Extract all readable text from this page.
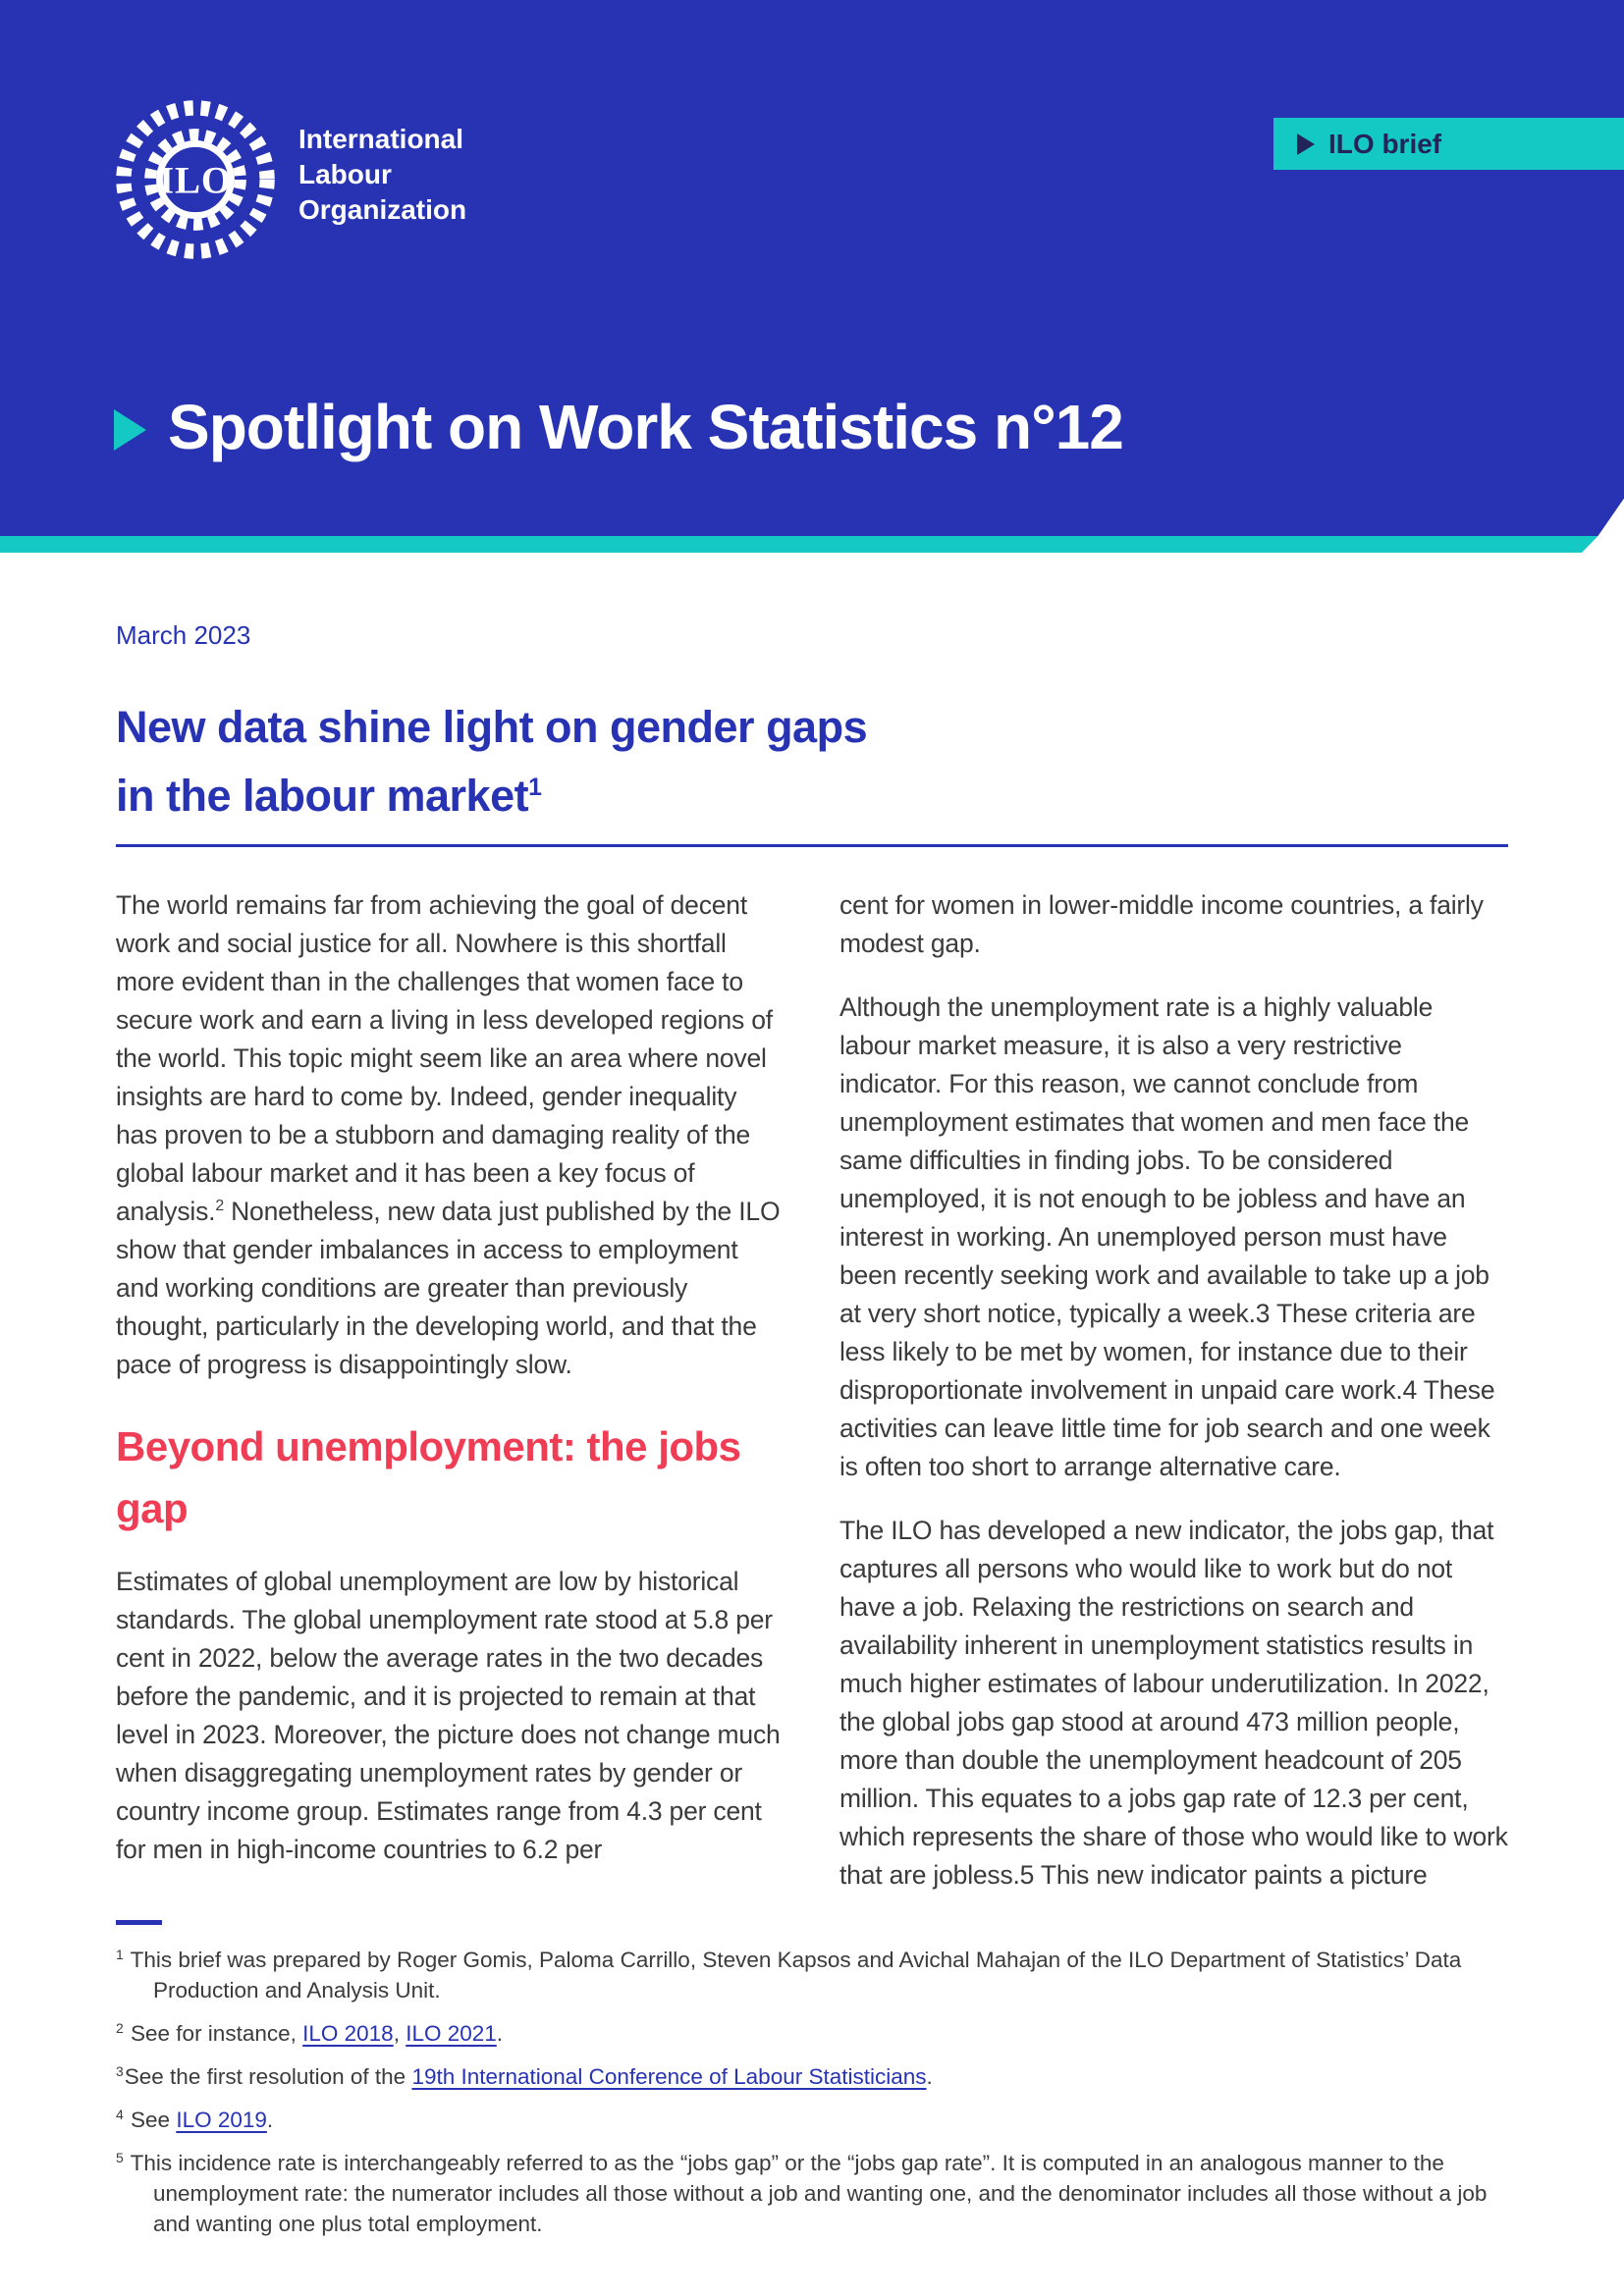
ILO
International
Labour
Organization
ILO brief
Spotlight on Work Statistics n°12
March 2023
New data shine light on gender gaps
in the labour market$^1$

The world remains far from achieving the goal of decent work and social justice for all. Nowhere is this shortfall more evident than in the challenges that women face to secure work and earn a living in less developed regions of the world. This topic might seem like an area where novel insights are hard to come by. Indeed, gender inequality has proven to be a stubborn and damaging reality of the global labour market and it has been a key focus of analysis.$^2$ Nonetheless, new data just published by the ILO show that gender imbalances in access to employment and working conditions are greater than previously thought, particularly in the developing world, and that the pace of progress is disappointingly slow.

Beyond unemployment: the jobs gap

Estimates of global unemployment are low by historical standards. The global unemployment rate stood at 5.8 per cent in 2022, below the average rates in the two decades before the pandemic, and it is projected to remain at that level in 2023. Moreover, the picture does not change much when disaggregating unemployment rates by gender or country income group. Estimates range from 4.3 per cent for men in high-income countries to 6.2 per

cent for women in lower-middle income countries, a fairly modest gap.

Although the unemployment rate is a highly valuable labour market measure, it is also a very restrictive indicator. For this reason, we cannot conclude from unemployment estimates that women and men face the same difficulties in finding jobs. To be considered unemployed, it is not enough to be jobless and have an interest in working. An unemployed person must have been recently seeking work and available to take up a job at very short notice, typically a week.3 These criteria are less likely to be met by women, for instance due to their disproportionate involvement in unpaid care work.4 These activities can leave little time for job search and one week is often too short to arrange alternative care.

The ILO has developed a new indicator, the jobs gap, that captures all persons who would like to work but do not have a job. Relaxing the restrictions on search and availability inherent in unemployment statistics results in much higher estimates of labour underutilization. In 2022, the global jobs gap stood at around 473 million people, more than double the unemployment headcount of 205 million. This equates to a jobs gap rate of 12.3 per cent, which represents the share of those who would like to work that are jobless.5 This new indicator paints a picture

$^1$ This brief was prepared by Roger Gomis, Paloma Carrillo, Steven Kapsos and Avichal Mahajan of the ILO Department of Statistics’ Data Production and Analysis Unit.
$^2$ See for instance, ILO 2018, ILO 2021.
$^3$See the first resolution of the 19th International Conference of Labour Statisticians.
$^4$ See ILO 2019.
$^5$ This incidence rate is interchangeably referred to as the “jobs gap” or the “jobs gap rate”. It is computed in an analogous manner to the unemployment rate: the numerator includes all those without a job and wanting one, and the denominator includes all those without a job and wanting one plus total employment.
